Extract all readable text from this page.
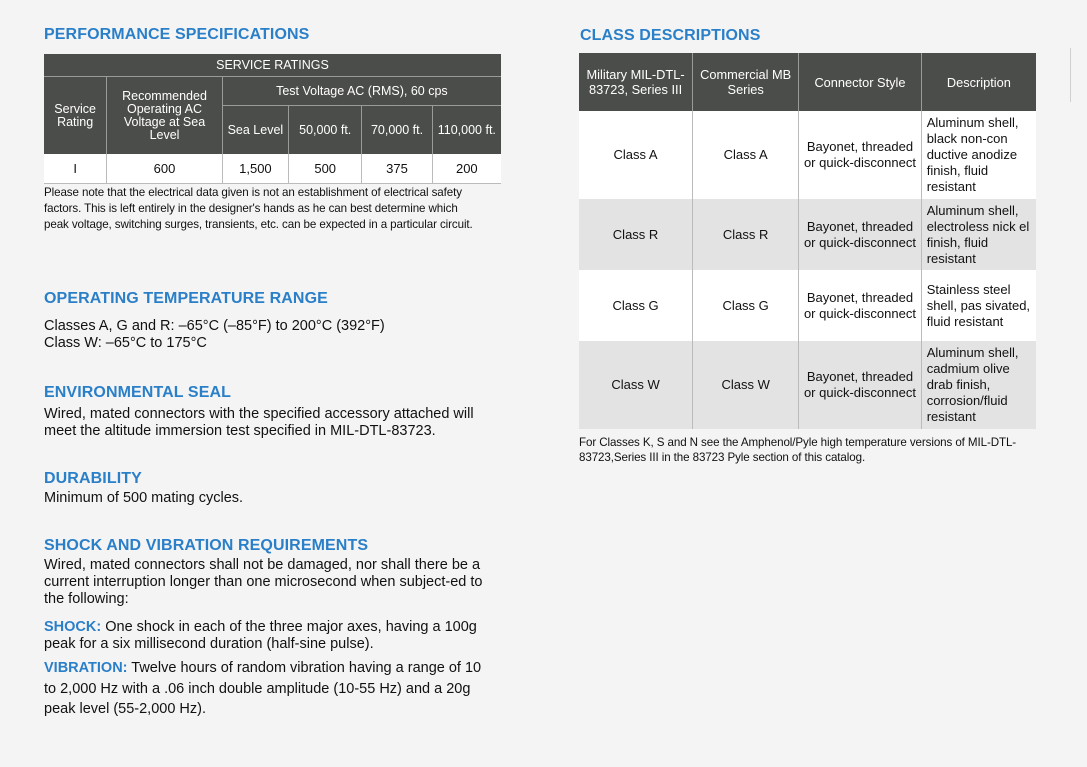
PERFORMANCE SPECIFICATIONS
SERVICE RATINGS					
Service Rating	Recommended Operating AC Voltage at Sea Level	Test Voltage AC (RMS), 60 cps			
		Sea Level	50,000 ft.	70,000 ft.	110,000 ft.
I	600	1,500	500	375	200

Please note that the electrical data given is not an establishment of electrical safety factors. This is left entirely in the designer's hands as he can best determine which peak voltage, switching surges, transients, etc. can be expected in a particular circuit.

OPERATING TEMPERATURE RANGE

Classes A, G and R: –65°C (–85°F) to 200°C (392°F)

Class W: –65°C to 175°C

ENVIRONMENTAL SEAL

Wired, mated connectors with the specified accessory attached will meet the altitude immersion test specified in MIL-DTL-83723.

DURABILITY

Minimum of 500 mating cycles.

SHOCK AND VIBRATION REQUIREMENTS

Wired, mated connectors shall not be damaged, nor shall there be a current interruption longer than one microsecond when subject-ed to the following:

SHOCK: One shock in each of the three major axes, having a 100g peak for a six millisecond duration (half-sine pulse).

VIBRATION: Twelve hours of random vibration having a range of 10 to 2,000 Hz with a .06 inch double amplitude (10-55 Hz) and a 20g peak level (55-2,000 Hz).

CLASS DESCRIPTIONS
Military MIL-DTL-83723, Series III	Commercial MB Series	Connector Style	Description
Class A	Class A	Bayonet, threaded or quick-disconnect	Aluminum shell, black non-con ductive anodize finish, fluid resistant
Class R	Class R	Bayonet, threaded or quick-disconnect	Aluminum shell, electroless nick el finish, fluid resistant
Class G	Class G	Bayonet, threaded or quick-disconnect	Stainless steel shell, pas sivated, fluid resistant
Class W	Class W	Bayonet, threaded or quick-disconnect	Aluminum shell, cadmium olive drab finish, corrosion/fluid resistant

For Classes K, S and N see the Amphenol/Pyle high temperature versions of MIL-DTL-83723,Series III in the 83723 Pyle section of this catalog.
